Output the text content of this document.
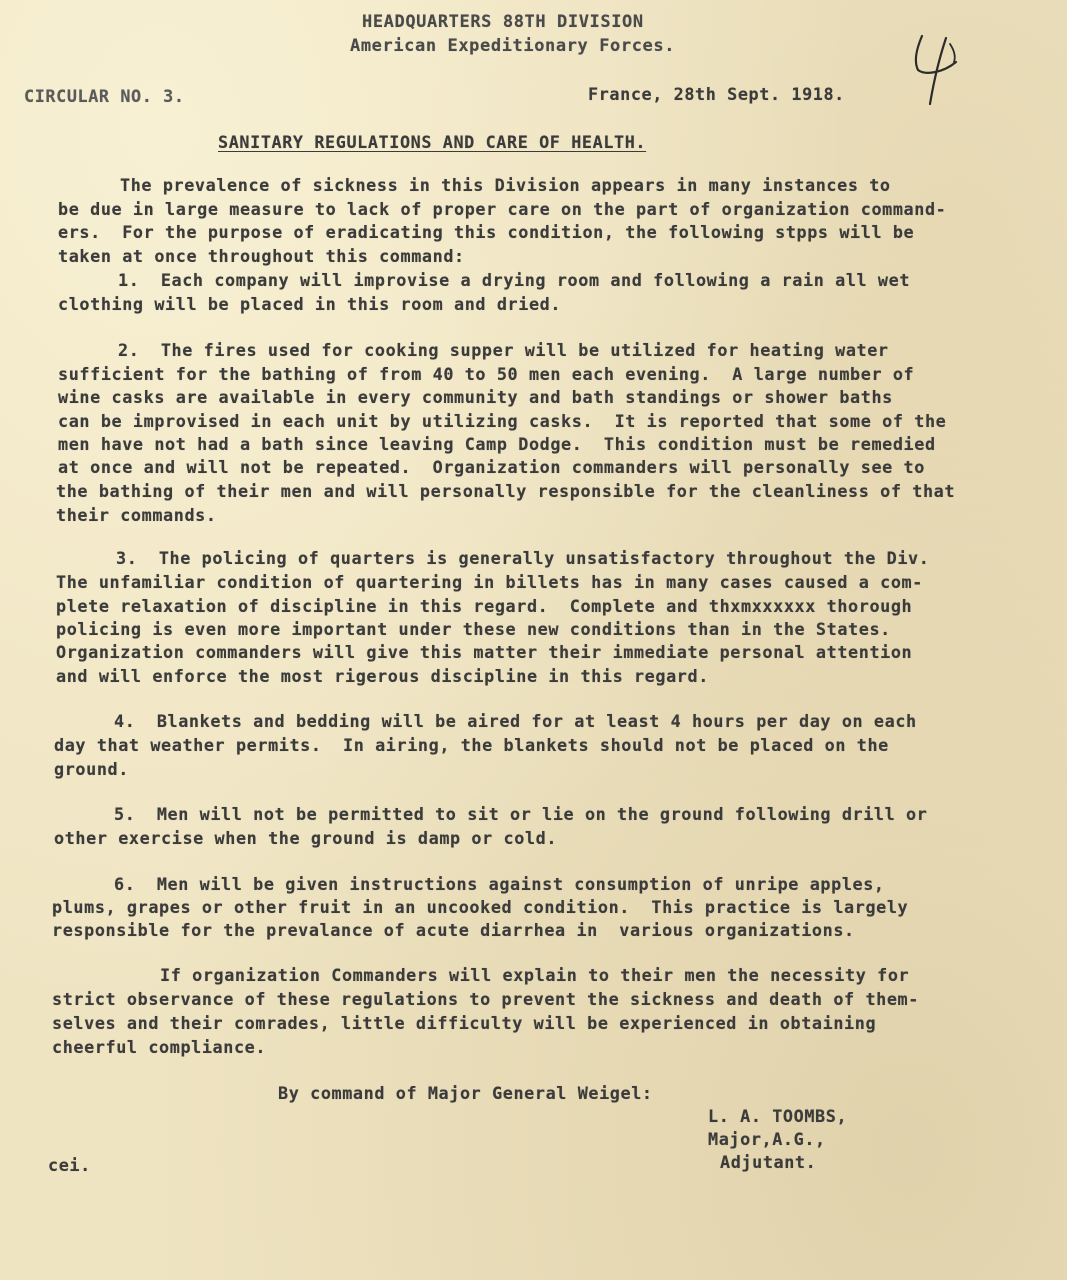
HEADQUARTERS 88TH DIVISION
American Expeditionary Forces.
CIRCULAR NO. 3.	France, 28th Sept. 1918.
SANITARY REGULATIONS AND CARE OF HEALTH.
The prevalence of sickness in this Division appears in many instances to
be due in large measure to lack of proper care on the part of organization command-
ers.  For the purpose of eradicating this condition, the following stpps will be
taken at once throughout this command:
1.  Each company will improvise a drying room and following a rain all wet
clothing will be placed in this room and dried.
2.  The fires used for cooking supper will be utilized for heating water
sufficient for the bathing of from 40 to 50 men each evening.  A large number of
wine casks are available in every community and bath standings or shower baths
can be improvised in each unit by utilizing casks.  It is reported that some of the
men have not had a bath since leaving Camp Dodge.  This condition must be remedied
at once and will not be repeated.  Organization commanders will personally see to
the bathing of their men and will personally responsible for the cleanliness of that
their commands.
3.  The policing of quarters is generally unsatisfactory throughout the Div.
The unfamiliar condition of quartering in billets has in many cases caused a com-
plete relaxation of discipline in this regard.  Complete and thxmxxxxxx thorough
policing is even more important under these new conditions than in the States.
Organization commanders will give this matter their immediate personal attention
and will enforce the most rigerous discipline in this regard.
4.  Blankets and bedding will be aired for at least 4 hours per day on each
day that weather permits.  In airing, the blankets should not be placed on the
ground.
5.  Men will not be permitted to sit or lie on the ground following drill or
other exercise when the ground is damp or cold.
6.  Men will be given instructions against consumption of unripe apples,
plums, grapes or other fruit in an uncooked condition.  This practice is largely
responsible for the prevalance of acute diarrhea in  various organizations.
If organization Commanders will explain to their men the necessity for
strict observance of these regulations to prevent the sickness and death of them-
selves and their comrades, little difficulty will be experienced in obtaining
cheerful compliance.
By command of Major General Weigel:
L. A. TOOMBS,
Major,A.G.,
Adjutant.
cei.
